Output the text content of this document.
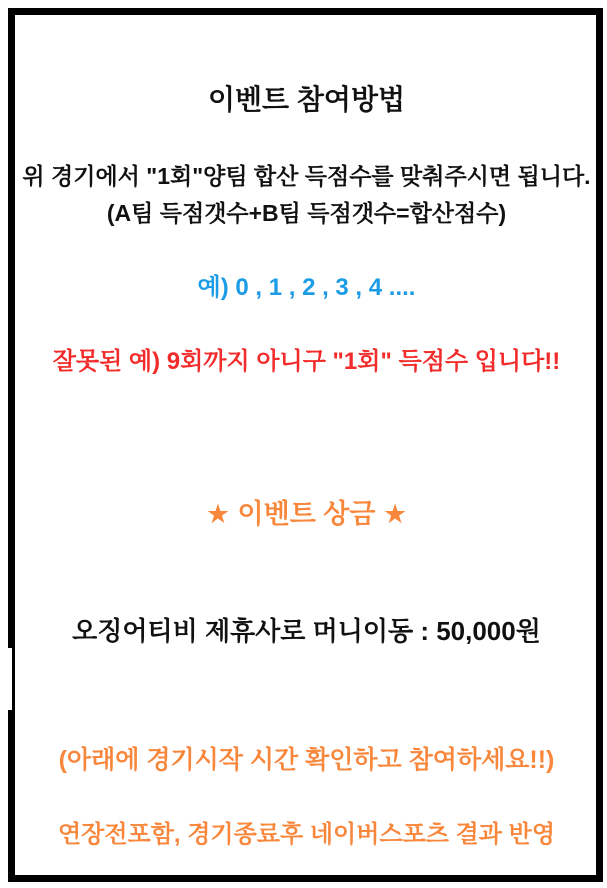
이벤트 참여방법
위 경기에서 "1회"양팀 합산 득점수를 맞춰주시면 됩니다.
(A팀 득점갯수+B팀 득점갯수=합산점수)
예) 0 , 1 , 2 , 3 , 4 ....
잘못된 예) 9회까지 아니구 "1회" 득점수 입니다!!
★ 이벤트 상금 ★
오징어티비 제휴사로 머니이동 : 50,000원
(아래에 경기시작 시간 확인하고 참여하세요!!)
연장전포함, 경기종료후 네이버스포츠 결과 반영
